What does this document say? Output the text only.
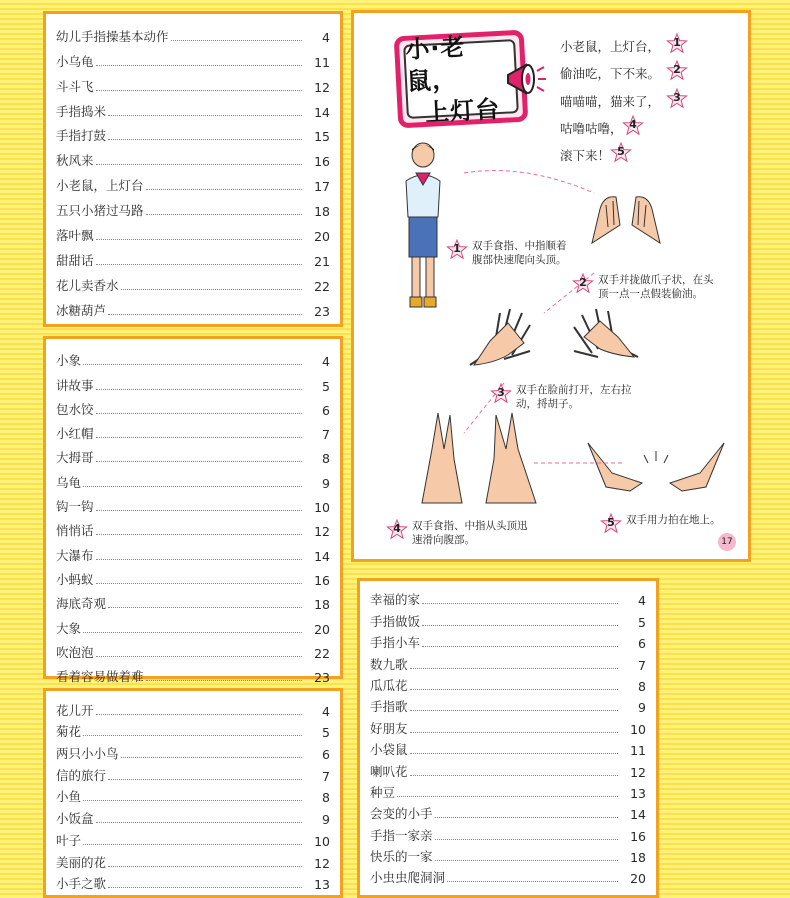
幼儿手指操基本动作	4
小乌龟	11
斗斗飞	12
手指捣米	14
手指打鼓	15
秋风来	16
小老鼠，上灯台	17
五只小猪过马路	18
落叶飘	20
甜甜话	21
花儿卖香水	22
冰糖葫芦	23
小象	4
讲故事	5
包水饺	6
小红帽	7
大拇哥	8
乌龟	9
钩一钩	10
悄悄话	12
大瀑布	14
小蚂蚁	16
海底奇观	18
大象	20
吹泡泡	22
看着容易做着难	23
花儿开	4
菊花	5
两只小小鸟	6
信的旅行	7
小鱼	8
小饭盒	9
叶子	10
美丽的花	12
小手之歌	13
幸福的家	4
手指做饭	5
手指小车	6
数九歌	7
瓜瓜花	8
手指歌	9
好朋友	10
小袋鼠	11
喇叭花	12
种豆	13
会变的小手	14
手指一家亲	16
快乐的一家	18
小虫虫爬洞洞	20
小·老鼠，
上灯台
小老鼠，上灯台，	1
偷油吃，下不来。	2
喵喵喵，猫来了，	3
咕噜咕噜， 4
滚下来！ 5
1	双手食指、中指顺着
腹部快速爬向头顶。
2	双手并拢做爪子状，在头
顶一点一点假装偷油。
3	双手在脸前打开，左右拉
动，捋胡子。
4	双手食指、中指从头顶迅
速滑向腹部。
5	双手用力拍在地上。
17
